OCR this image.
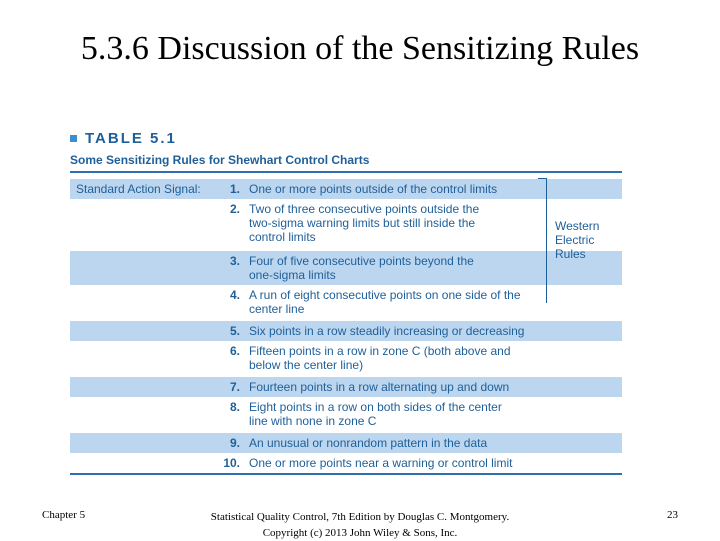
5.3.6 Discussion of the Sensitizing Rules
TABLE 5.1
Some Sensitizing Rules for Shewhart Control Charts
Standard Action Signal:	1. One or more points outside of the control limits
2. Two of three consecutive points outside the two-sigma warning limits but still inside the control limits
3. Four of five consecutive points beyond the one-sigma limits
4. A run of eight consecutive points on one side of the center line
5. Six points in a row steadily increasing or decreasing
6. Fifteen points in a row in zone C (both above and below the center line)
7. Fourteen points in a row alternating up and down
8. Eight points in a row on both sides of the center line with none in zone C
9. An unusual or nonrandom pattern in the data
10. One or more points near a warning or control limit
Western Electric Rules
Chapter 5	Statistical Quality Control, 7th Edition by Douglas C. Montgomery.
Copyright (c) 2013 John Wiley & Sons, Inc.
23
